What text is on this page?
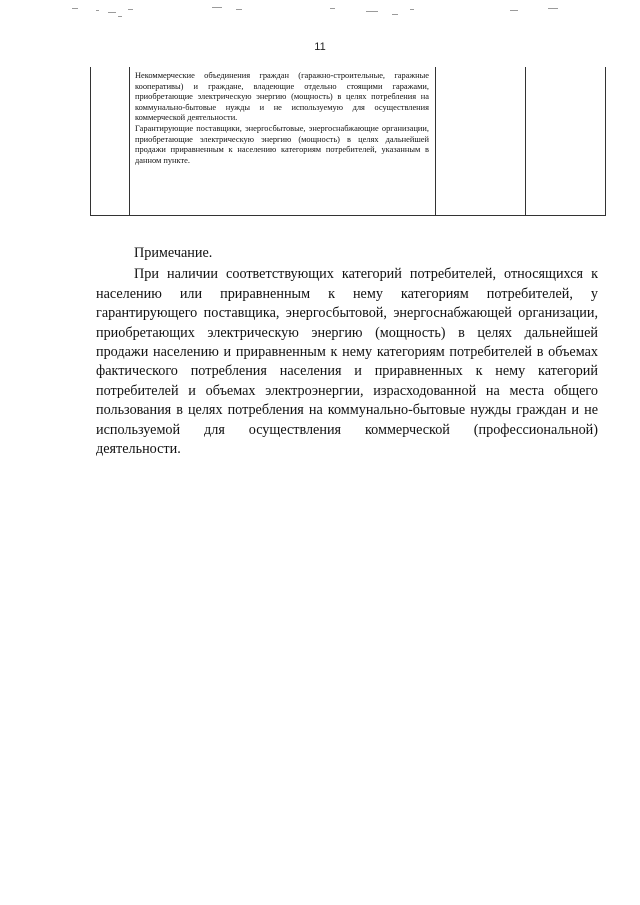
11

Некоммерческие объединения граждан (гаражно-строительные, гаражные кооперативы) и граждане, владеющие отдельно стоящими гаражами, приобретающие электрическую энергию (мощность) в целях потребления на коммунально-бытовые нужды и не используемую для осуществления коммерческой деятельности.

Гарантирующие поставщики, энергосбытовые, энергоснабжающие организации, приобретающие электрическую энергию (мощность) в целях дальнейшей продажи приравненным к населению категориям потребителей, указанным в данном пункте.

Примечание.

При наличии соответствующих категорий потребителей, относящихся к населению или приравненным к нему категориям потребителей, у гарантирующего поставщика, энергосбытовой, энергоснабжающей организации, приобретающих электрическую энергию (мощность) в целях дальнейшей продажи населению и приравненным к нему категориям потребителей в объемах фактического потребления населения и приравненных к нему категорий потребителей и объемах электроэнергии, израсходованной на места общего пользования в целях потребления на коммунально-бытовые нужды граждан и не используемой для осуществления коммерческой (профессиональной) деятельности.
